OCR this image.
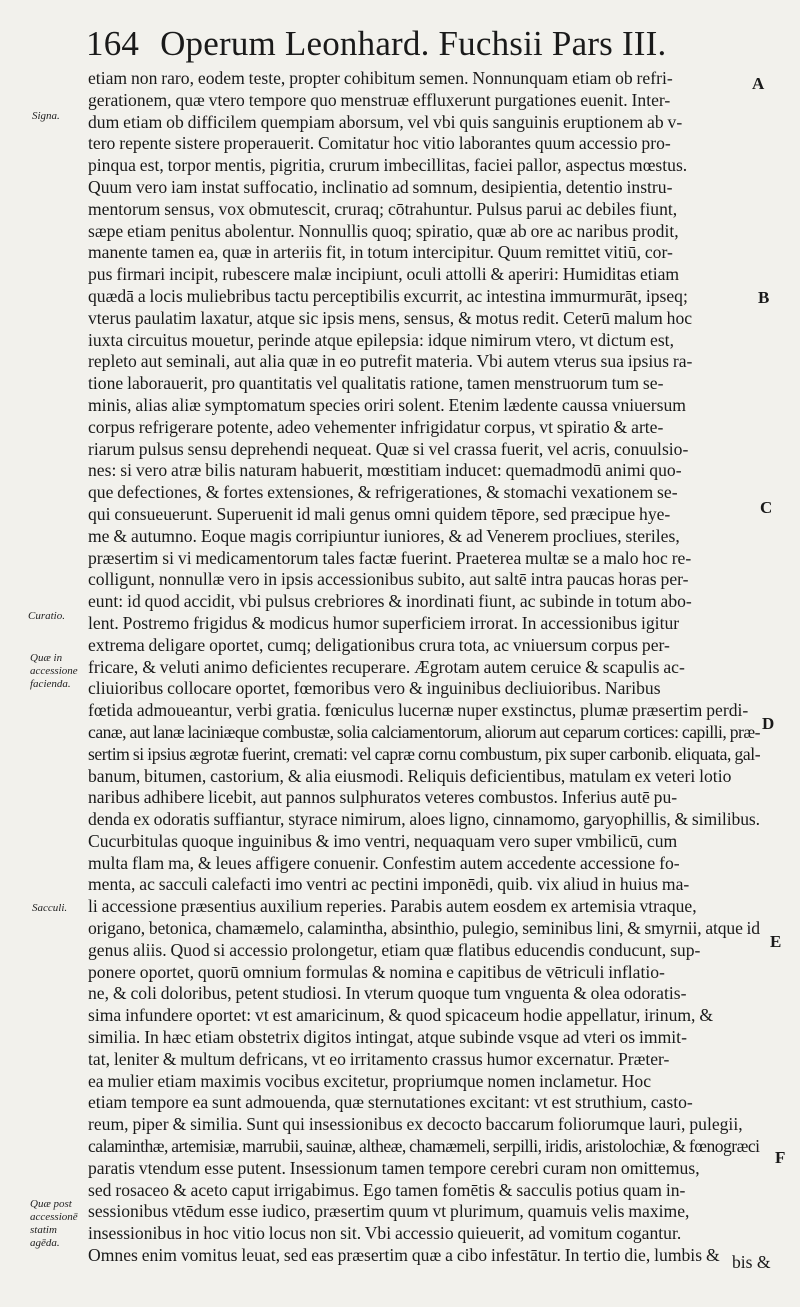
164 Operum Leonhard. Fuchsii Pars III.
etiam non raro, eodem teste, propter cohibitum semen. Nonnunquam etiam ob refri-
gerationem, quæ vtero tempore quo menstruæ effluxerunt purgationes euenit. Inter-
dum etiam ob difficilem quempiam aborsum, vel vbi quis sanguinis eruptionem ab v-
tero repente sistere properauerit. Comitatur hoc vitio laborantes quum accessio pro-
pinqua est, torpor mentis, pigritia, crurum imbecillitas, faciei pallor, aspectus mœstus.
Quum vero iam instat suffocatio, inclinatio ad somnum, desipientia, detentio instru-
mentorum sensus, vox obmutescit, cruraq; cōtrahuntur. Pulsus parui ac debiles fiunt,
sæpe etiam penitus abolentur. Nonnullis quoq; spiratio, quæ ab ore ac naribus prodit,
manente tamen ea, quæ in arteriis fit, in totum intercipitur. Quum remittet vitiū, cor-
pus firmari incipit, rubescere malæ incipiunt, oculi attolli & aperiri: Humiditas etiam
quædā a locis muliebribus tactu perceptibilis excurrit, ac intestina immurmurāt, ipseq;
vterus paulatim laxatur, atque sic ipsis mens, sensus, & motus redit. Ceterū malum hoc
iuxta circuitus mouetur, perinde atque epilepsia: idque nimirum vtero, vt dictum est,
repleto aut seminali, aut alia quæ in eo putrefit materia. Vbi autem vterus sua ipsius ra-
tione laborauerit, pro quantitatis vel qualitatis ratione, tamen menstruorum tum se-
minis, alias aliæ symptomatum species oriri solent. Etenim lædente caussa vniuersum
corpus refrigerare potente, adeo vehementer infrigidatur corpus, vt spiratio & arte-
riarum pulsus sensu deprehendi nequeat. Quæ si vel crassa fuerit, vel acris, conuulsio-
nes: si vero atræ bilis naturam habuerit, mœstitiam inducet: quemadmodū animi quo-
que defectiones, & fortes extensiones, & refrigerationes, & stomachi vexationem se-
qui consueuerunt. Superuenit id mali genus omni quidem tēpore, sed præcipue hye-
me & autumno. Eoque magis corripiuntur iuniores, & ad Venerem procliues, steriles,
præsertim si vi medicamentorum tales factæ fuerint. Praeterea multæ se a malo hoc re-
colligunt, nonnullæ vero in ipsis accessionibus subito, aut saltē intra paucas horas per-
eunt: id quod accidit, vbi pulsus crebriores & inordinati fiunt, ac subinde in totum abo-
lent. Postremo frigidus & modicus humor superficiem irrorat. In accessionibus igitur
extrema deligare oportet, cumq; deligationibus crura tota, ac vniuersum corpus per-
fricare, & veluti animo deficientes recuperare. Ægrotam autem ceruice & scapulis ac-
cliuioribus collocare oportet, fœmoribus vero & inguinibus decliuioribus. Naribus
fœtida admoueantur, verbi gratia. fœniculus lucernæ nuper exstinctus, plumæ præsertim perdi-
canæ, aut lanæ laciniæque combustæ, solia calciamentorum, aliorum aut ceparum cortices: capilli, præ-
sertim si ipsius ægrotæ fuerint, cremati: vel capræ cornu combustum, pix super carbonib. eliquata, gal-
banum, bitumen, castorium, & alia eiusmodi. Reliquis deficientibus, matulam ex veteri lotio
naribus adhibere licebit, aut pannos sulphuratos veteres combustos. Inferius autē pu-
denda ex odoratis suffiantur, styrace nimirum, aloes ligno, cinnamomo, garyophillis, & similibus.
Cucurbitulas quoque inguinibus & imo ventri, nequaquam vero super vmbilicū, cum
multa flam ma, & leues affigere conuenir. Confestim autem accedente accessione fo-
menta, ac sacculi calefacti imo ventri ac pectini imponēdi, quib. vix aliud in huius ma-
li accessione præsentius auxilium reperies. Parabis autem eosdem ex artemisia vtraque,
origano, betonica, chamæmelo, calamintha, absinthio, pulegio, seminibus lini, & smyrnii, atque id
genus aliis. Quod si accessio prolongetur, etiam quæ flatibus educendis conducunt, sup-
ponere oportet, quorū omnium formulas & nomina e capitibus de vētriculi inflatio-
ne, & coli doloribus, petent studiosi. In vterum quoque tum vnguenta & olea odoratis-
sima infundere oportet: vt est amaricinum, & quod spicaceum hodie appellatur, irinum, &
similia. In hæc etiam obstetrix digitos intingat, atque subinde vsque ad vteri os immit-
tat, leniter & multum defricans, vt eo irritamento crassus humor excernatur. Præter-
ea mulier etiam maximis vocibus excitetur, propriumque nomen inclametur. Hoc
etiam tempore ea sunt admouenda, quæ sternutationes excitant: vt est struthium, casto-
reum, piper & similia. Sunt qui insessionibus ex decocto baccarum foliorumque lauri, pulegii,
calaminthæ, artemisiæ, marrubii, sauinæ, altheæ, chamæmeli, serpilli, iridis, aristolochiæ, & fœnogræci
paratis vtendum esse putent. Insessionum tamen tempore cerebri curam non omittemus,
sed rosaceo & aceto caput irrigabimus. Ego tamen fomētis & sacculis potius quam in-
sessionibus vtēdum esse iudico, præsertim quum vt plurimum, quamuis velis maxime,
insessionibus in hoc vitio locus non sit. Vbi accessio quieuerit, ad vomitum cogantur.
Omnes enim vomitus leuat, sed eas præsertim quæ a cibo infestātur. In tertio die, lumbis &
Signa.
Curatio.
Quæ in accessione facienda.
Sacculi.
Quæ post accessionē statim agēda.
A
B
C
D
E
F
bis &
